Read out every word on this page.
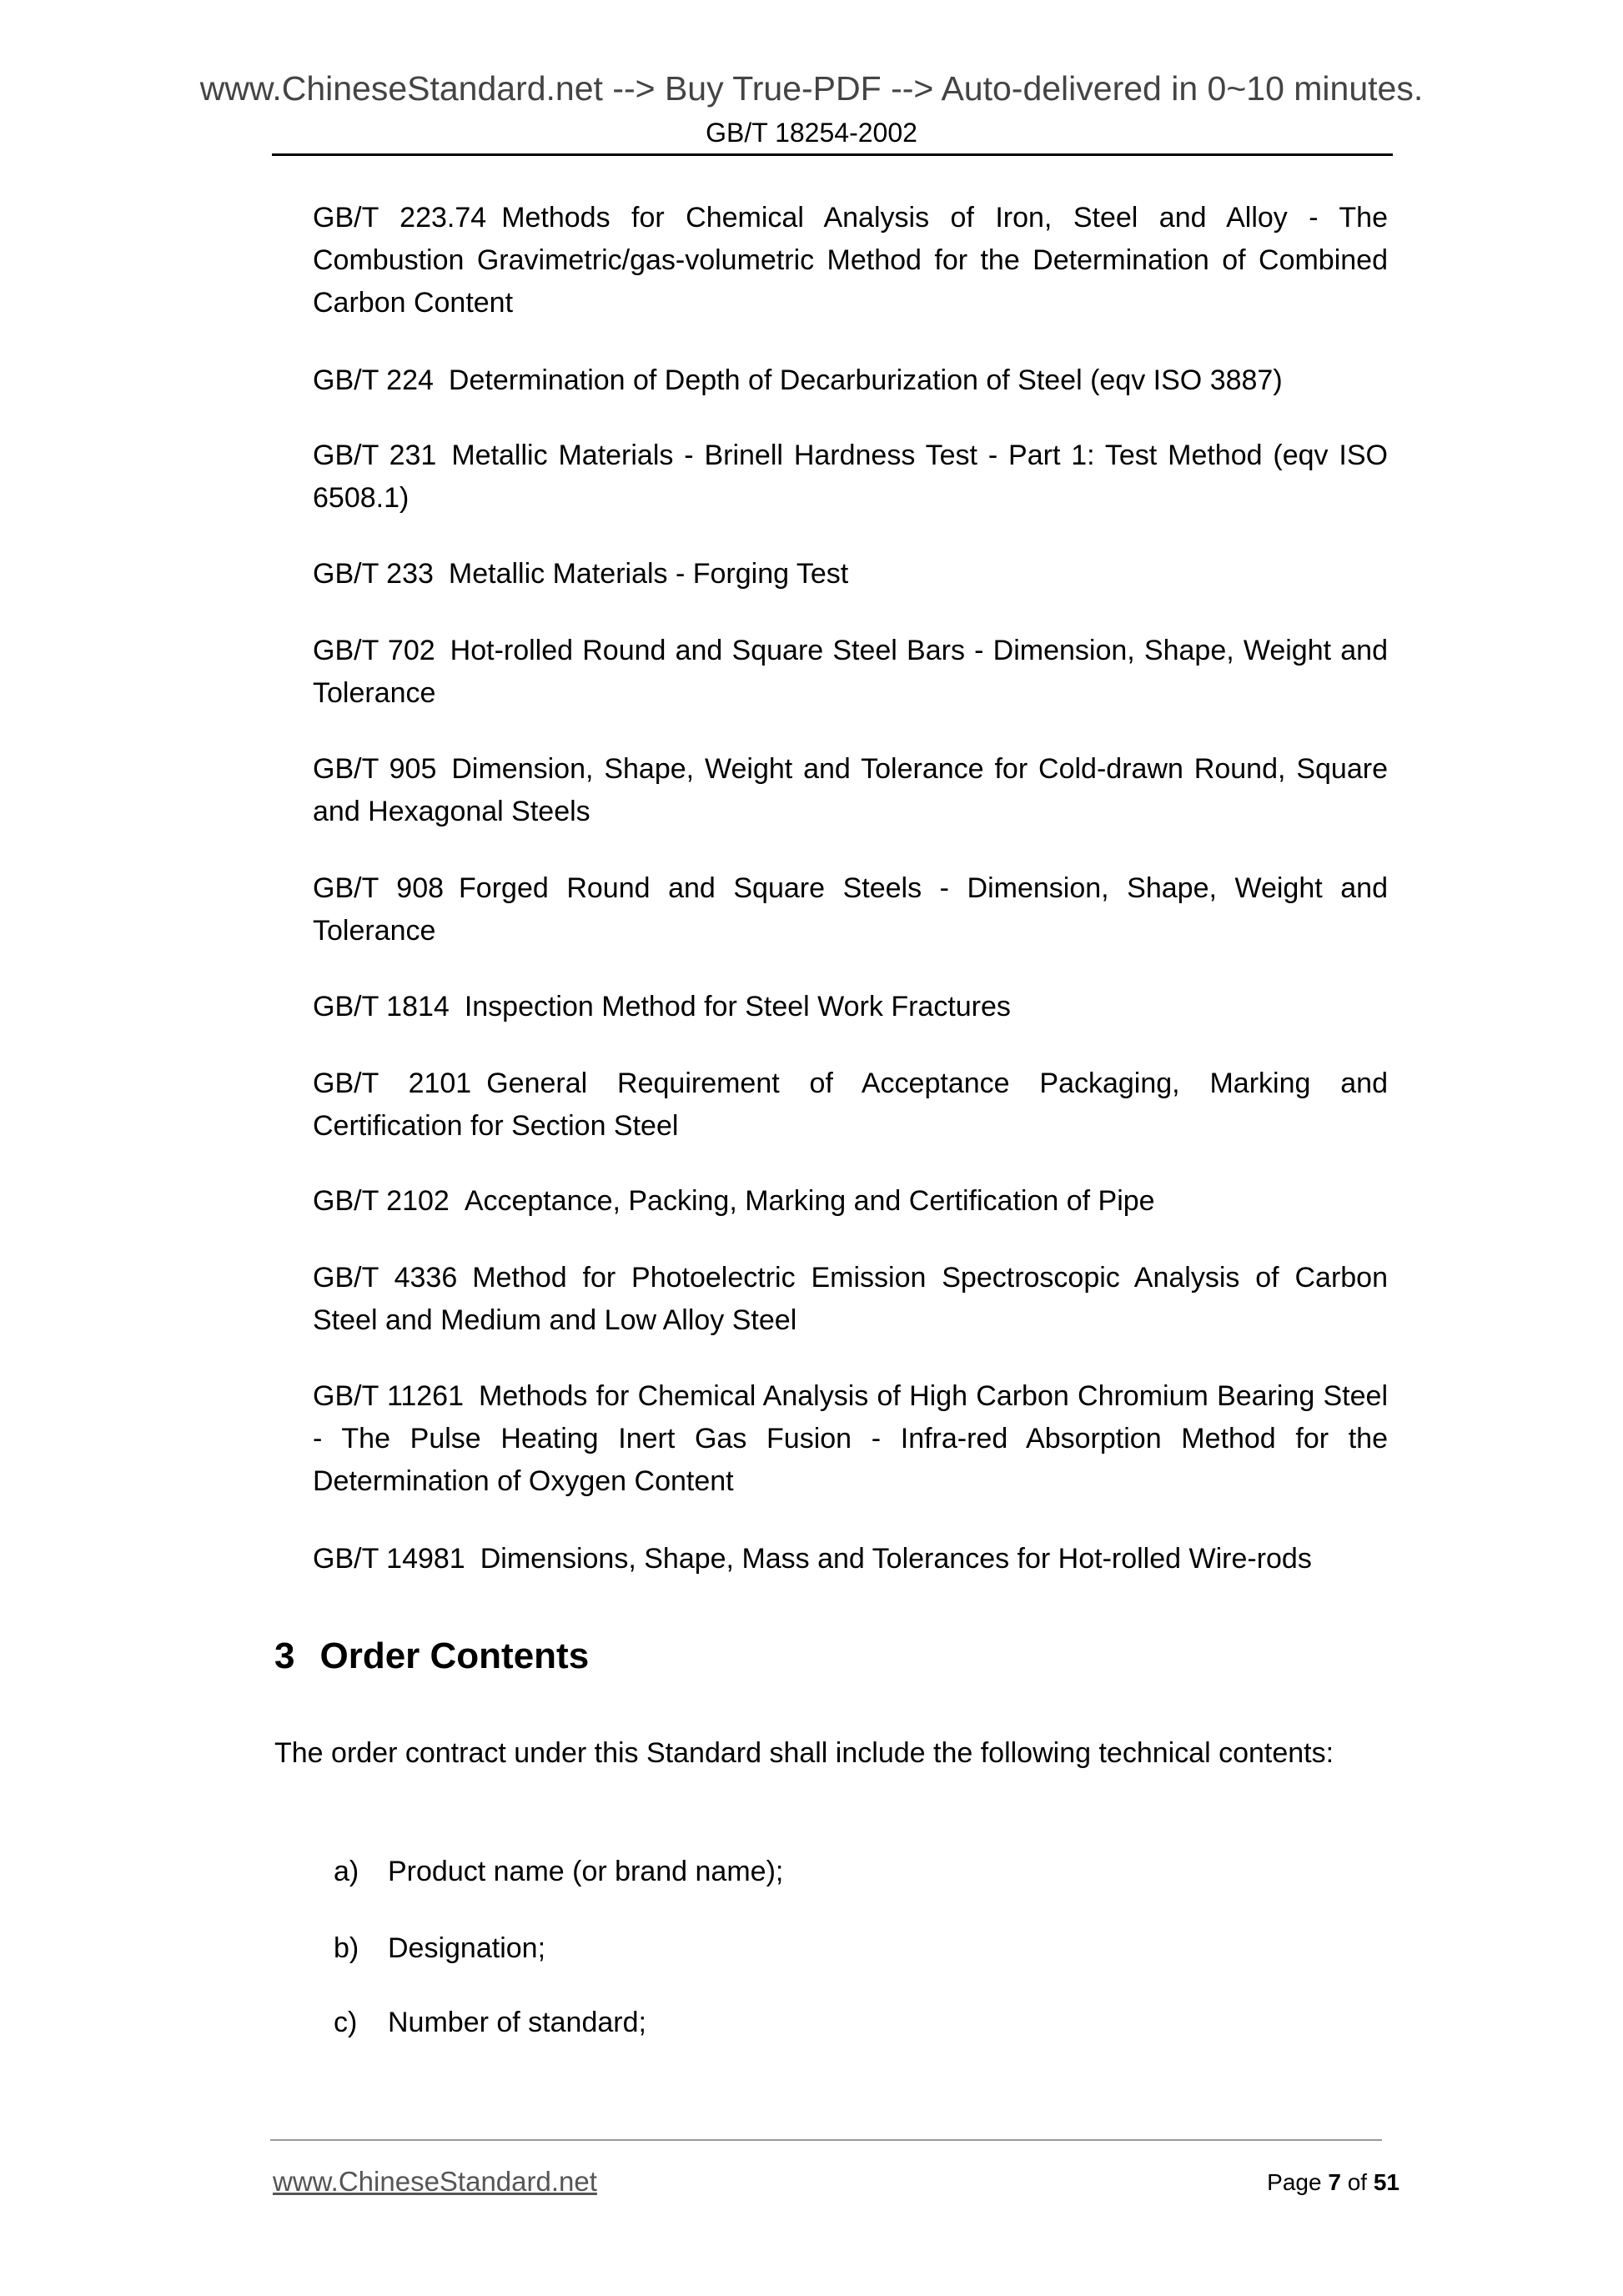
www.ChineseStandard.net --> Buy True-PDF --> Auto-delivered in 0~10 minutes.
GB/T 18254-2002
GB/T 223.74 Methods for Chemical Analysis of Iron, Steel and Alloy - The Combustion Gravimetric/gas-volumetric Method for the Determination of Combined Carbon Content
GB/T 224 Determination of Depth of Decarburization of Steel (eqv ISO 3887)
GB/T 231 Metallic Materials - Brinell Hardness Test - Part 1: Test Method (eqv ISO 6508.1)
GB/T 233 Metallic Materials - Forging Test
GB/T 702 Hot-rolled Round and Square Steel Bars - Dimension, Shape, Weight and Tolerance
GB/T 905 Dimension, Shape, Weight and Tolerance for Cold-drawn Round, Square and Hexagonal Steels
GB/T 908 Forged Round and Square Steels - Dimension, Shape, Weight and Tolerance
GB/T 1814 Inspection Method for Steel Work Fractures
GB/T 2101 General Requirement of Acceptance Packaging, Marking and Certification for Section Steel
GB/T 2102 Acceptance, Packing, Marking and Certification of Pipe
GB/T 4336 Method for Photoelectric Emission Spectroscopic Analysis of Carbon Steel and Medium and Low Alloy Steel
GB/T 11261 Methods for Chemical Analysis of High Carbon Chromium Bearing Steel - The Pulse Heating Inert Gas Fusion - Infra-red Absorption Method for the Determination of Oxygen Content
GB/T 14981 Dimensions, Shape, Mass and Tolerances for Hot-rolled Wire-rods
3 Order Contents
The order contract under this Standard shall include the following technical contents:
a) Product name (or brand name);
b) Designation;
c) Number of standard;
www.ChineseStandard.net	Page 7 of 51
